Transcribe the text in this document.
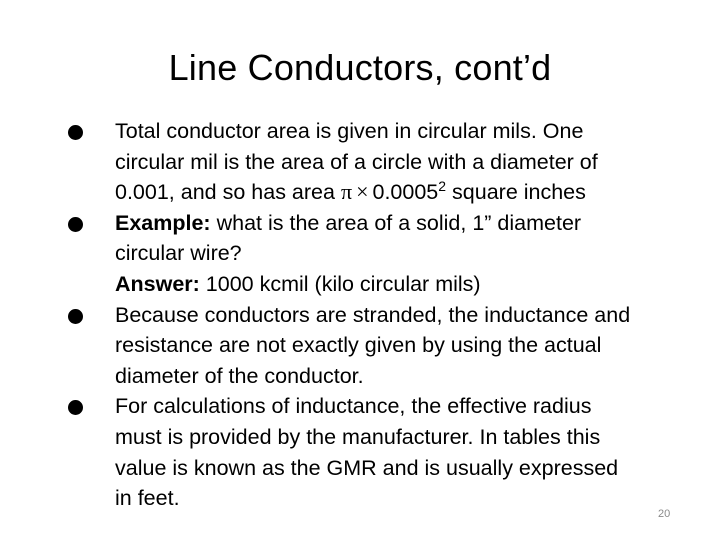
Line Conductors, cont’d
Total conductor area is given in circular mils. One
circular mil is the area of a circle with a diameter of
0.001, and so has area $\pi \times 0.0005^2$ square inches
Example: what is the area of a solid, 1” diameter
circular wire?
Answer: 1000 kcmil (kilo circular mils)
Because conductors are stranded, the inductance and
resistance are not exactly given by using the actual
diameter of the conductor.
For calculations of inductance, the effective radius
must is provided by the manufacturer. In tables this
value is known as the GMR and is usually expressed
in feet.
20
